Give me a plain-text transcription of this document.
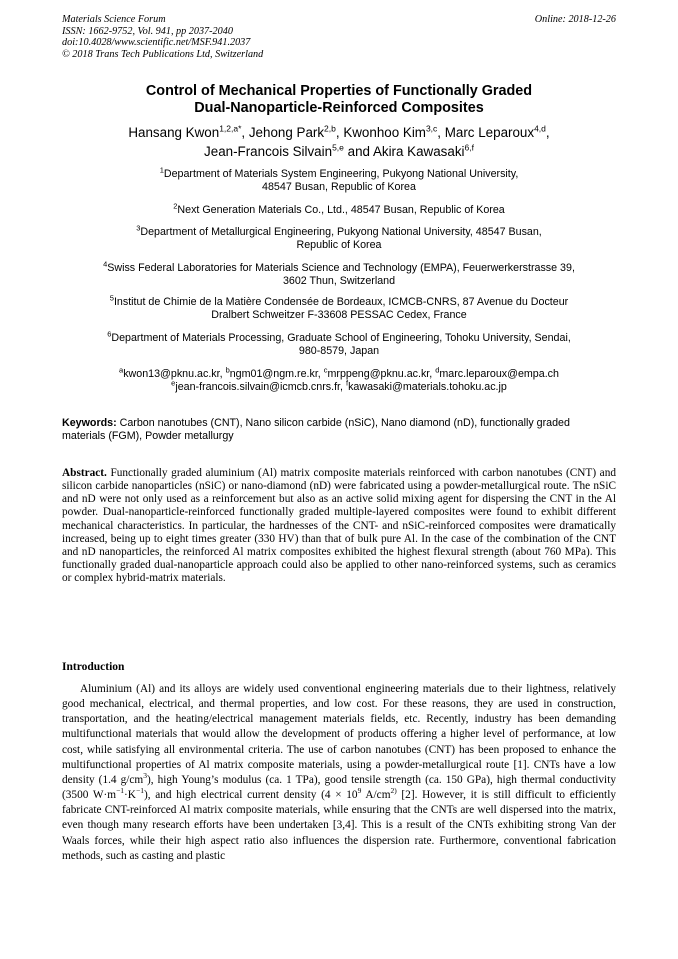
Materials Science Forum
ISSN: 1662-9752, Vol. 941, pp 2037-2040
doi:10.4028/www.scientific.net/MSF.941.2037
© 2018 Trans Tech Publications Ltd, Switzerland
Online: 2018-12-26
Control of Mechanical Properties of Functionally Graded
Dual-Nanoparticle-Reinforced Composites
Hansang Kwon$^{1,2,a*}$, Jehong Park$^{2,b}$, Kwonhoo Kim$^{3,c}$, Marc Leparoux$^{4,d}$,
Jean-Francois Silvain$^{5,e}$ and Akira Kawasaki$^{6,f}$
$^1$Department of Materials System Engineering, Pukyong National University,
48547 Busan, Republic of Korea
$^2$Next Generation Materials Co., Ltd., 48547 Busan, Republic of Korea
$^3$Department of Metallurgical Engineering, Pukyong National University, 48547 Busan,
Republic of Korea
$^4$Swiss Federal Laboratories for Materials Science and Technology (EMPA), Feuerwerkerstrasse 39,
3602 Thun, Switzerland
$^5$Institut de Chimie de la Matière Condensée de Bordeaux, ICMCB-CNRS, 87 Avenue du Docteur
Dralbert Schweitzer F-33608 PESSAC Cedex, France
$^6$Department of Materials Processing, Graduate School of Engineering, Tohoku University, Sendai,
980-8579, Japan
$^a$kwon13@pknu.ac.kr, $^b$ngm01@ngm.re.kr, $^c$mrppeng@pknu.ac.kr, $^d$marc.leparoux@empa.ch
$^e$jean-francois.silvain@icmcb.cnrs.fr, $^f$kawasaki@materials.tohoku.ac.jp
Keywords: Carbon nanotubes (CNT), Nano silicon carbide (nSiC), Nano diamond (nD), functionally graded materials (FGM), Powder metallurgy
Abstract. Functionally graded aluminium (Al) matrix composite materials reinforced with carbon nanotubes (CNT) and silicon carbide nanoparticles (nSiC) or nano-diamond (nD) were fabricated using a powder-metallurgical route. The nSiC and nD were not only used as a reinforcement but also as an active solid mixing agent for dispersing the CNT in the Al powder. Dual-nanoparticle-reinforced functionally graded multiple-layered composites were found to exhibit different mechanical characteristics. In particular, the hardnesses of the CNT- and nSiC-reinforced composites were dramatically increased, being up to eight times greater (330 HV) than that of bulk pure Al. In the case of the combination of the CNT and nD nanoparticles, the reinforced Al matrix composites exhibited the highest flexural strength (about 760 MPa). This functionally graded dual-nanoparticle approach could also be applied to other nano-reinforced systems, such as ceramics or complex hybrid-matrix materials.
Introduction
Aluminium (Al) and its alloys are widely used conventional engineering materials due to their lightness, relatively good mechanical, electrical, and thermal properties, and low cost. For these reasons, they are used in construction, transportation, and the heating/electrical management materials fields, etc. Recently, industry has been demanding multifunctional materials that would allow the development of products offering a higher level of performance, at low cost, while satisfying all environmental criteria. The use of carbon nanotubes (CNT) has been proposed to enhance the multifunctional properties of Al matrix composite materials, using a powder-metallurgical route [1]. CNTs have a low density (1.4 $g/cm^3$), high Young’s modulus (ca. 1 TPa), good tensile strength (ca. 150 GPa), high thermal conductivity (3500 $W\cdot m^{-1}\cdot K^{-1}$), and high electrical current density ($4 \times 10^9$ $A/cm^{2)}$ [2]. However, it is still difficult to efficiently fabricate CNT-reinforced Al matrix composite materials, while ensuring that the CNTs are well dispersed into the matrix, even though many research efforts have been undertaken [3,4]. This is a result of the CNTs exhibiting strong Van der Waals forces, while their high aspect ratio also influences the dispersion rate. Furthermore, conventional fabrication methods, such as casting and plastic
